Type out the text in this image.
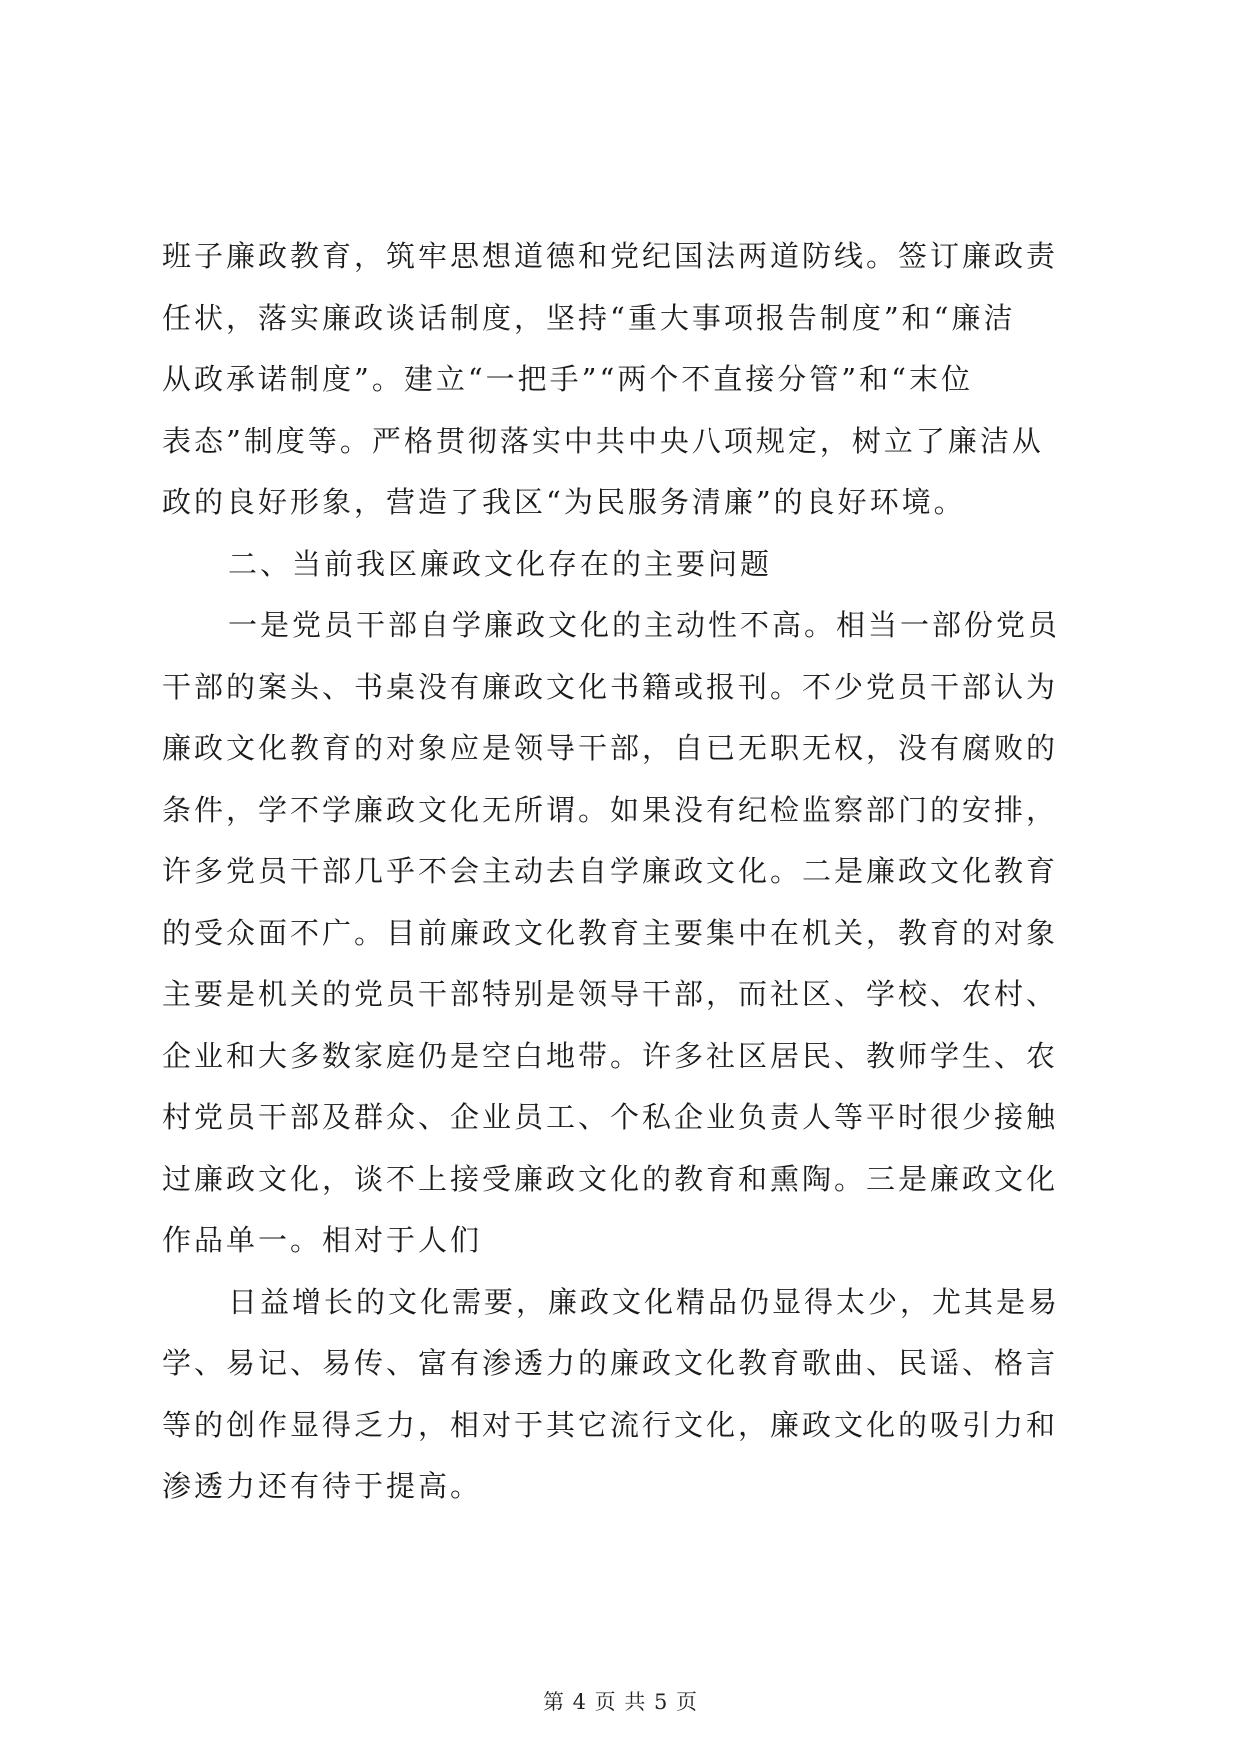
班子廉政教育，筑牢思想道德和党纪国法两道防线。签订廉政责
任状，落实廉政谈话制度，坚持“重大事项报告制度”和“廉洁
从政承诺制度”。建立“一把手”“两个不直接分管”和“末位
表态”制度等。严格贯彻落实中共中央八项规定，树立了廉洁从
政的良好形象，营造了我区“为民服务清廉”的良好环境。
二、当前我区廉政文化存在的主要问题
一是党员干部自学廉政文化的主动性不高。相当一部份党员
干部的案头、书桌没有廉政文化书籍或报刊。不少党员干部认为
廉政文化教育的对象应是领导干部，自已无职无权，没有腐败的
条件，学不学廉政文化无所谓。如果没有纪检监察部门的安排，
许多党员干部几乎不会主动去自学廉政文化。二是廉政文化教育
的受众面不广。目前廉政文化教育主要集中在机关，教育的对象
主要是机关的党员干部特别是领导干部，而社区、学校、农村、
企业和大多数家庭仍是空白地带。许多社区居民、教师学生、农
村党员干部及群众、企业员工、个私企业负责人等平时很少接触
过廉政文化，谈不上接受廉政文化的教育和熏陶。三是廉政文化
作品单一。相对于人们
日益增长的文化需要，廉政文化精品仍显得太少，尤其是易
学、易记、易传、富有渗透力的廉政文化教育歌曲、民谣、格言
等的创作显得乏力，相对于其它流行文化，廉政文化的吸引力和
渗透力还有待于提高。
第 4 页 共 5 页
